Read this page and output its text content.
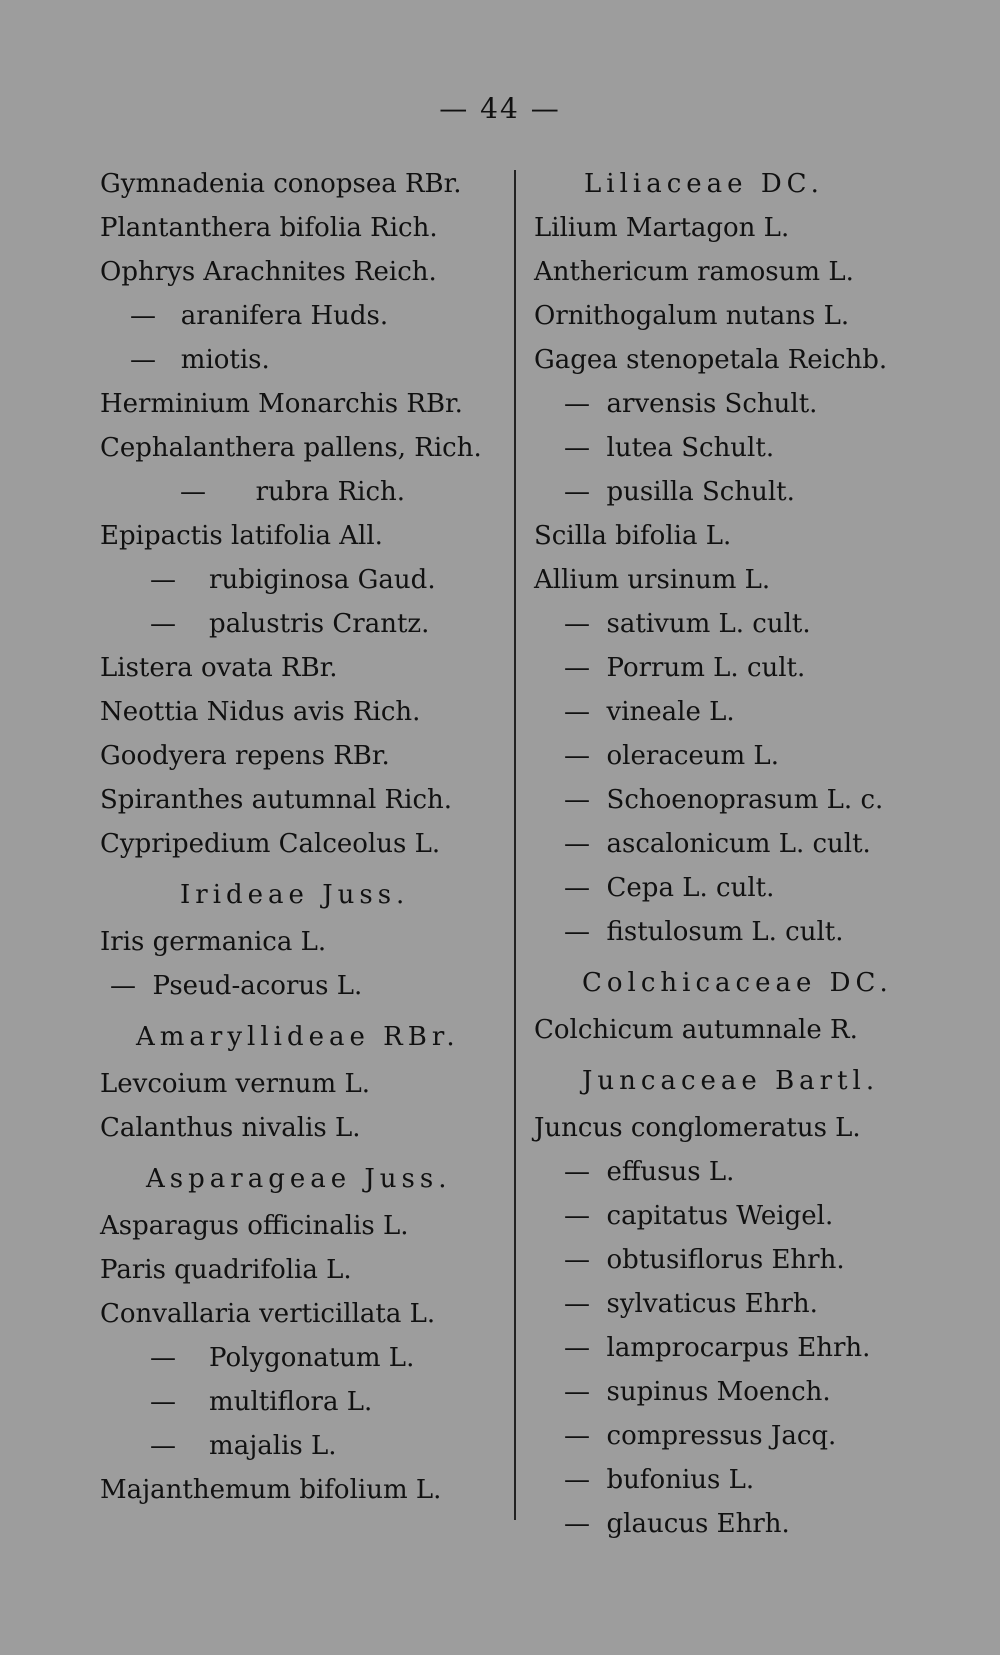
— 44 —
Gymnadenia conopsea RBr.
Plantanthera bifolia Rich.
Ophrys Arachnites Reich.
—   aranifera Huds.
—   miotis.
Herminium Monarchis RBr.
Cephalanthera pallens, Rich.
—      rubra Rich.
Epipactis latifolia All.
—    rubiginosa Gaud.
—    palustris Crantz.
Listera ovata RBr.
Neottia Nidus avis Rich.
Goodyera repens RBr.
Spiranthes autumnal Rich.
Cypripedium Calceolus L.
Irideae Juss.
Iris germanica L.
—  Pseud-acorus L.
Amaryllideae RBr.
Levcoium vernum L.
Calanthus nivalis L.
Asparageae Juss.
Asparagus officinalis L.
Paris quadrifolia L.
Convallaria verticillata L.
—    Polygonatum L.
—    multiflora L.
—    majalis L.
Majanthemum bifolium L.
Liliaceae DC.
Lilium Martagon L.
Anthericum ramosum L.
Ornithogalum nutans L.
Gagea stenopetala Reichb.
—  arvensis Schult.
—  lutea Schult.
—  pusilla Schult.
Scilla bifolia L.
Allium ursinum L.
—  sativum L. cult.
—  Porrum L. cult.
—  vineale L.
—  oleraceum L.
—  Schoenoprasum L. c.
—  ascalonicum L. cult.
—  Cepa L. cult.
—  fistulosum L. cult.
Colchicaceae DC.
Colchicum autumnale R.
Juncaceae Bartl.
Juncus conglomeratus L.
—  effusus L.
—  capitatus Weigel.
—  obtusiflorus Ehrh.
—  sylvaticus Ehrh.
—  lamprocarpus Ehrh.
—  supinus Moench.
—  compressus Jacq.
—  bufonius L.
—  glaucus Ehrh.
